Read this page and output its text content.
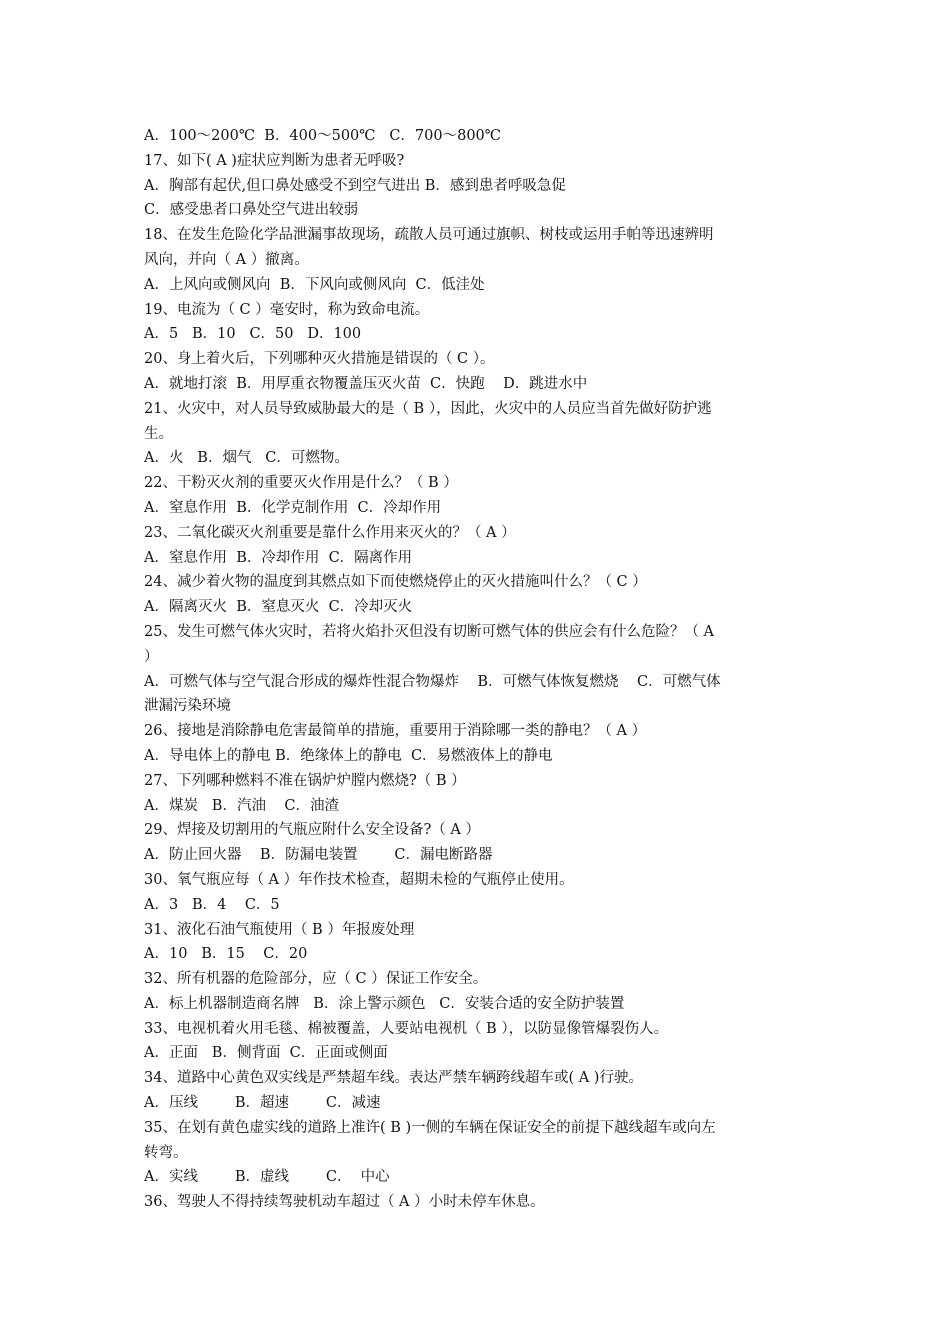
A．100～200℃  B．400～500℃   C．700～800℃
17、如下( A )症状应判断为患者无呼吸?
A．胸部有起伏,但口鼻处感受不到空气进出 B．感到患者呼吸急促
C．感受患者口鼻处空气进出较弱
18、在发生危险化学品泄漏事故现场，疏散人员可通过旗帜、树枝或运用手帕等迅速辨明
风向，并向（ A ）撤离。
A．上风向或侧风向  B．下风向或侧风向  C．低洼处
19、电流为（ C ）毫安时，称为致命电流。
A．5   B．10   C．50   D．100
20、身上着火后，下列哪种灭火措施是错误的（ C ）。
A．就地打滚  B．用厚重衣物覆盖压灭火苗  C．快跑    D．跳进水中
21、火灾中，对人员导致威胁最大的是（ B ），因此，火灾中的人员应当首先做好防护逃
生。
A．火   B．烟气   C．可燃物。
22、干粉灭火剂的重要灭火作用是什么？（ B ）
A．窒息作用  B．化学克制作用  C．冷却作用
23、二氧化碳灭火剂重要是靠什么作用来灭火的？（ A ）
A．窒息作用  B．冷却作用  C．隔离作用
24、减少着火物的温度到其燃点如下而使燃烧停止的灭火措施叫什么？（ C ）
A．隔离灭火  B．窒息灭火  C．冷却灭火
25、发生可燃气体火灾时，若将火焰扑灭但没有切断可燃气体的供应会有什么危险？（ A
）
A．可燃气体与空气混合形成的爆炸性混合物爆炸    B．可燃气体恢复燃烧    C．可燃气体
泄漏污染环境
26、接地是消除静电危害最简单的措施，重要用于消除哪一类的静电？（ A ）
A．导电体上的静电 B．绝缘体上的静电  C．易燃液体上的静电
27、下列哪种燃料不准在锅炉炉膛内燃烧?（ B ）
A．煤炭   B．汽油    C．油渣
29、焊接及切割用的气瓶应附什么安全设备?（ A ）
A．防止回火器    B．防漏电装置        C．漏电断路器
30、氧气瓶应每（ A ）年作技术检查，超期未检的气瓶停止使用。
A．3   B．4    C．5
31、液化石油气瓶使用（ B ）年报废处理
A．10   B．15    C．20
32、所有机器的危险部分，应（ C ）保证工作安全。
A．标上机器制造商名牌   B．涂上警示颜色   C．安装合适的安全防护装置
33、电视机着火用毛毯、棉被覆盖，人要站电视机（ B ），以防显像管爆裂伤人。
A．正面   B．侧背面  C．正面或侧面
34、道路中心黄色双实线是严禁超车线。表达严禁车辆跨线超车或( A )行驶。
A．压线        B．超速        C．减速
35、在划有黄色虚实线的道路上准许( B )一侧的车辆在保证安全的前提下越线超车或向左
转弯。
A．实线        B．虚线        C．  中心
36、驾驶人不得持续驾驶机动车超过（ A ）小时未停车休息。
